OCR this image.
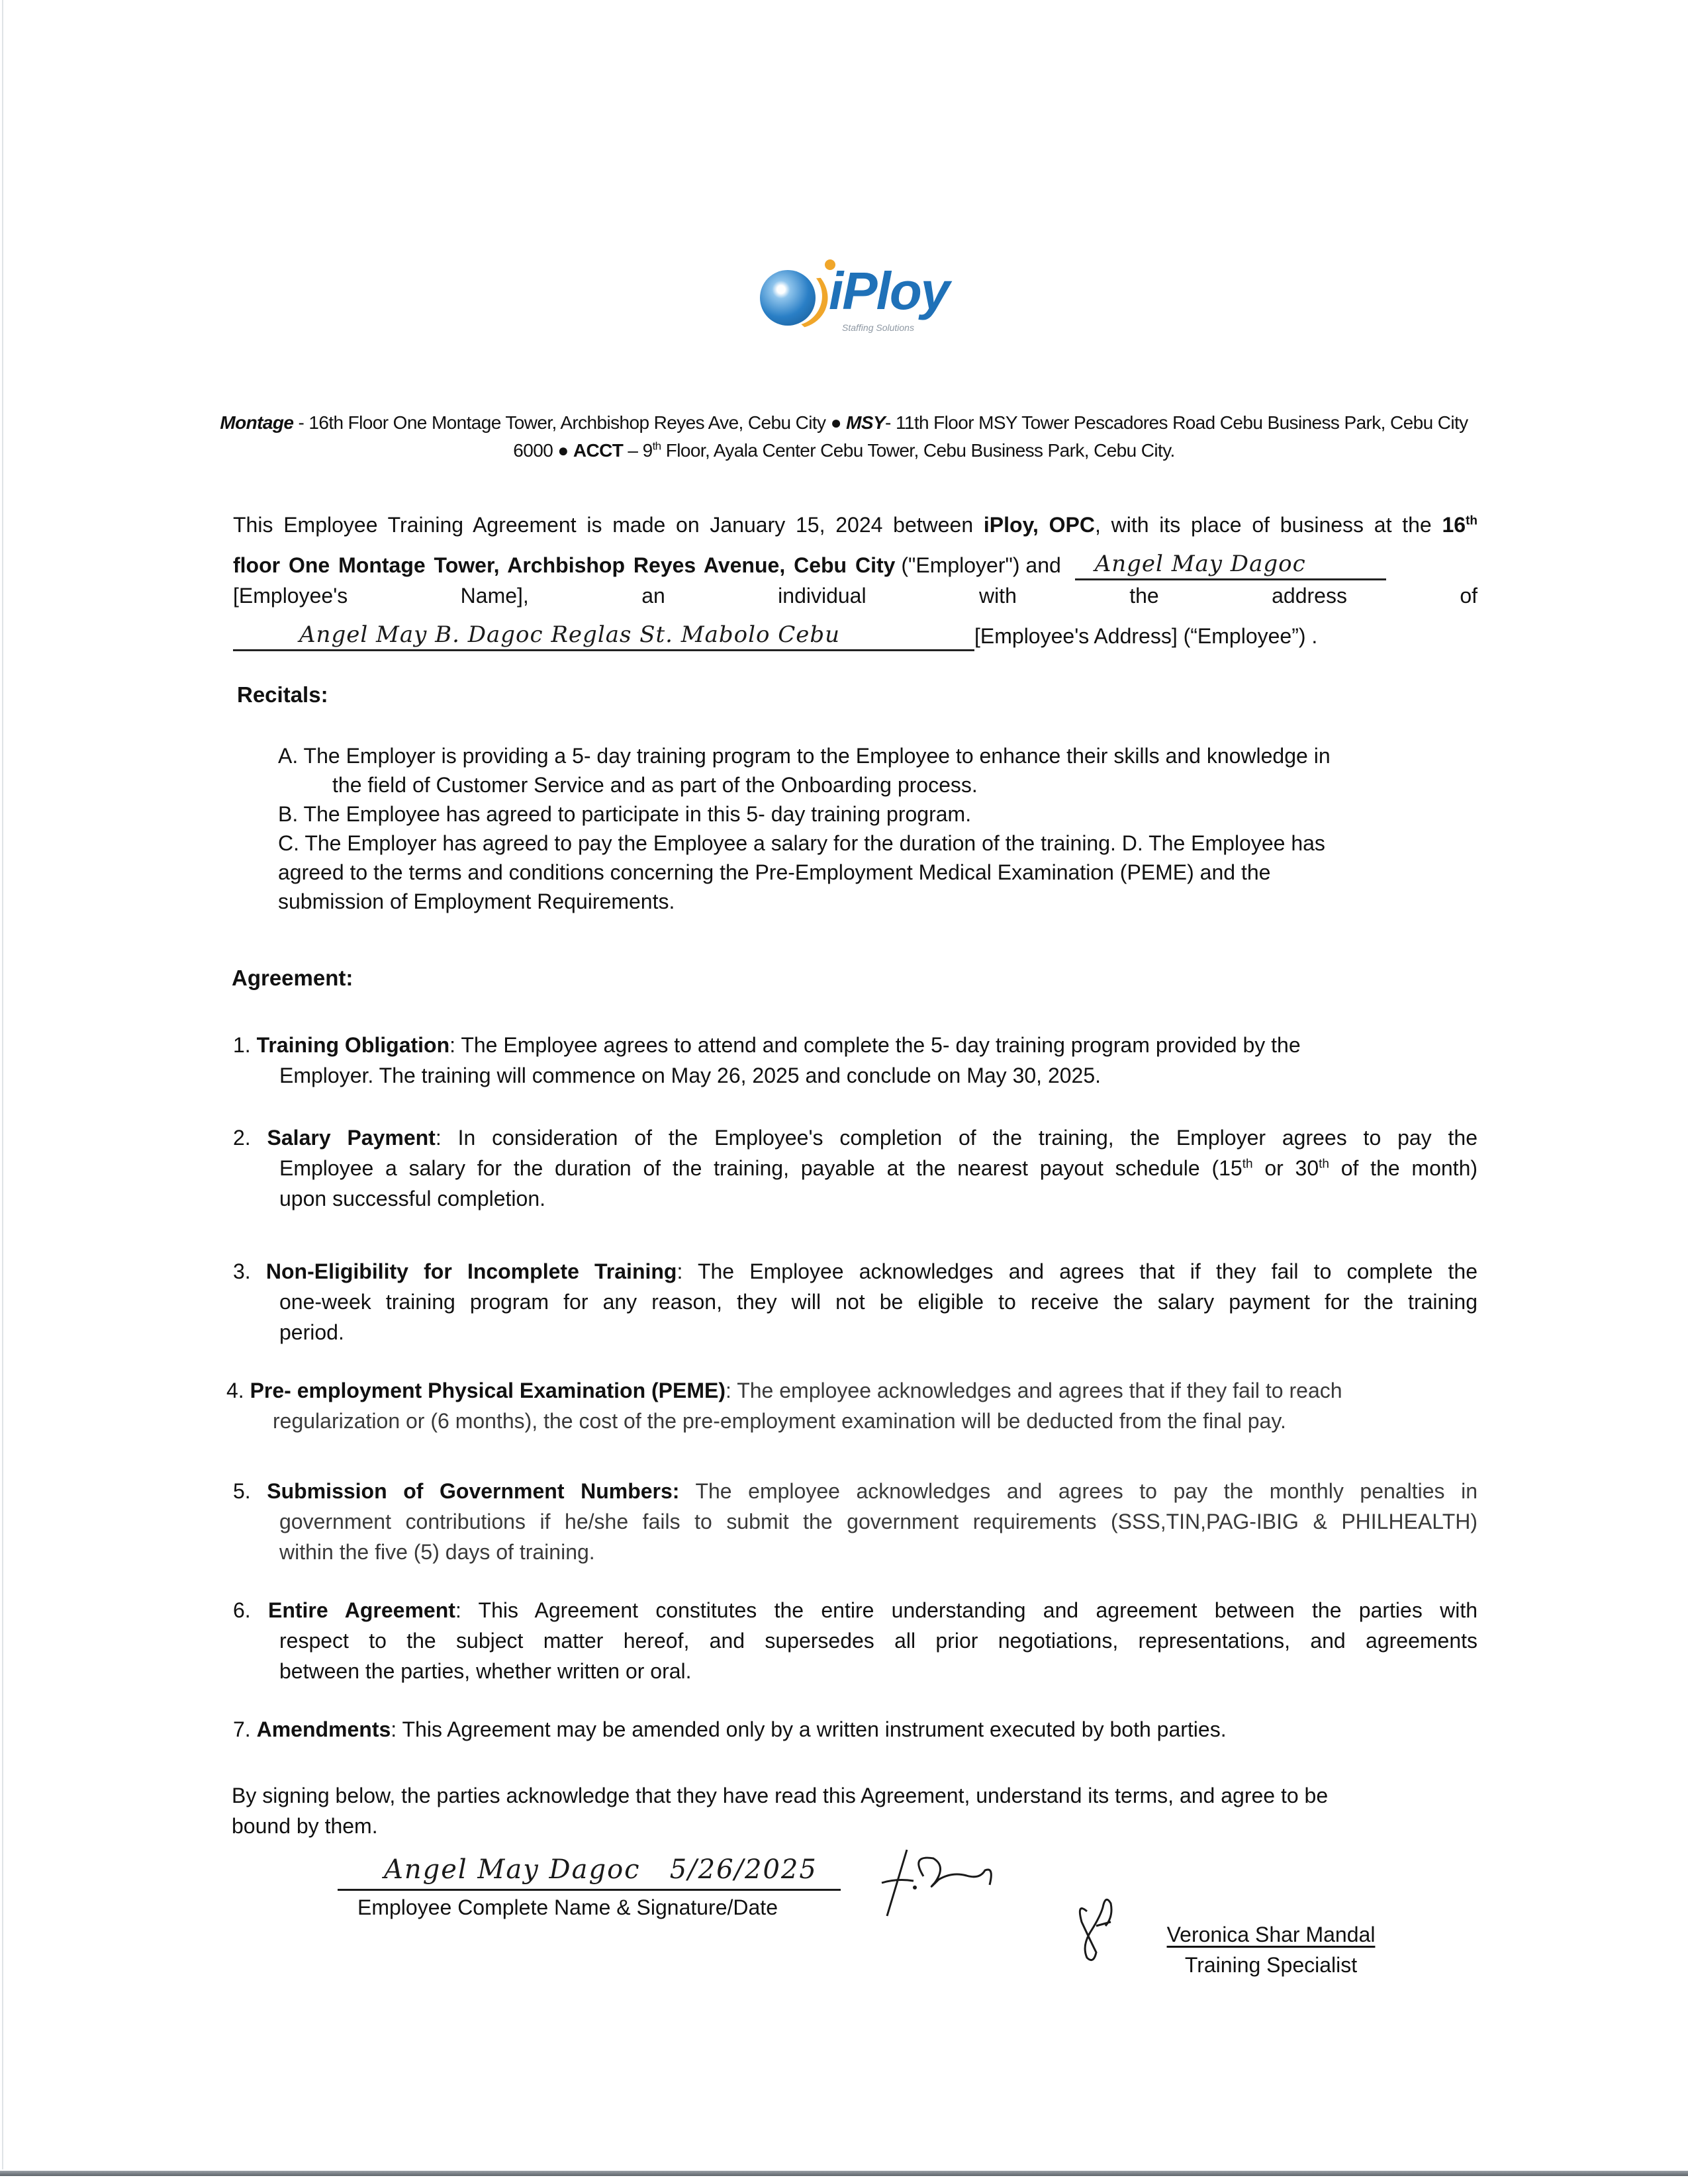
iPloy
Staffing Solutions
Montage - 16th Floor One Montage Tower, Archbishop Reyes Ave, Cebu City ● MSY- 11th Floor MSY Tower Pescadores Road Cebu Business Park, Cebu City 6000 ● ACCT – 9th Floor, Ayala Center Cebu Tower, Cebu Business Park, Cebu City.
This Employee Training Agreement is made on January 15, 2024 between iPloy, OPC, with its place of business at the 16th
floor One Montage Tower, Archbishop Reyes Avenue, Cebu City ("Employer") and Angel May Dagoc
[Employee's Name], an individual with the address of
Angel May B. Dagoc Reglas St. Mabolo Cebu	[Employee's Address] (“Employee”) .
Recitals:
A. The Employer is providing a 5- day training program to the Employee to enhance their skills and knowledge in
the field of Customer Service and as part of the Onboarding process.
B. The Employee has agreed to participate in this 5- day training program.
C. The Employer has agreed to pay the Employee a salary for the duration of the training. D. The Employee has
agreed to the terms and conditions concerning the Pre-Employment Medical Examination (PEME) and the
submission of Employment Requirements.
Agreement:
1. Training Obligation: The Employee agrees to attend and complete the 5- day training program provided by the
Employer. The training will commence on May 26, 2025 and conclude on May 30, 2025.
2. Salary Payment: In consideration of the Employee's completion of the training, the Employer agrees to pay the
Employee a salary for the duration of the training, payable at the nearest payout schedule (15th or 30th of the month)
upon successful completion.
3. Non-Eligibility for Incomplete Training: The Employee acknowledges and agrees that if they fail to complete the
one-week training program for any reason, they will not be eligible to receive the salary payment for the training
period.
4. Pre- employment Physical Examination (PEME): The employee acknowledges and agrees that if they fail to reach
regularization or (6 months), the cost of the pre-employment examination will be deducted from the final pay.
5. Submission of Government Numbers: The employee acknowledges and agrees to pay the monthly penalties in
government contributions if he/she fails to submit the government requirements (SSS,TIN,PAG-IBIG & PHILHEALTH)
within the five (5) days of training.
6. Entire Agreement: This Agreement constitutes the entire understanding and agreement between the parties with
respect to the subject matter hereof, and supersedes all prior negotiations, representations, and agreements
between the parties, whether written or oral.
7. Amendments: This Agreement may be amended only by a written instrument executed by both parties.
By signing below, the parties acknowledge that they have read this Agreement, understand its terms, and agree to be
bound by them.
Angel May Dagoc 5/26/2025
Employee Complete Name & Signature/Date
Veronica Shar Mandal
Training Specialist
